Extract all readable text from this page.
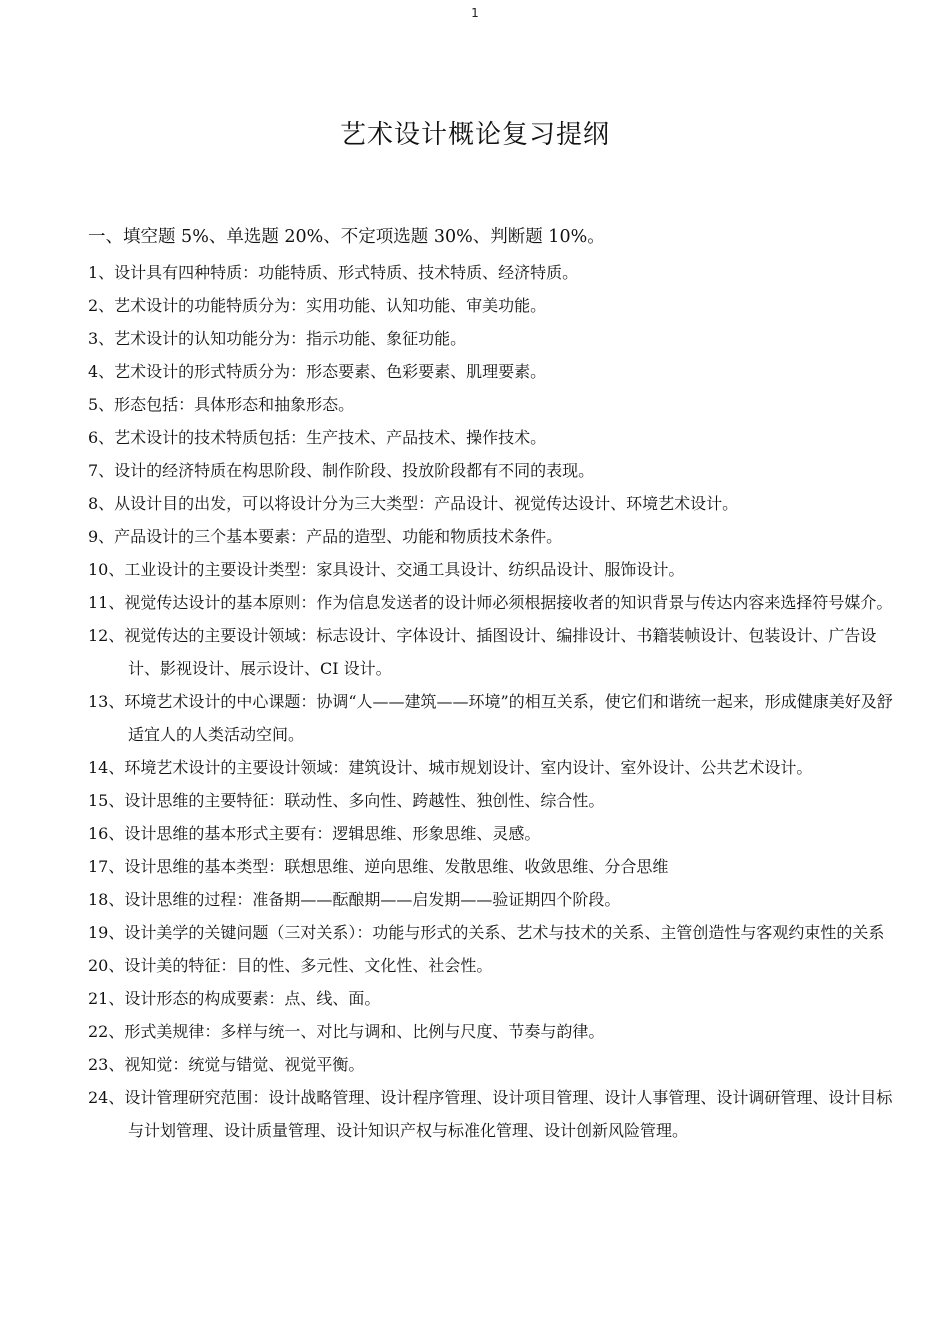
1
艺术设计概论复习提纲
一、填空题 5%、单选题 20%、不定项选题 30%、判断题 10%。
1、设计具有四种特质：功能特质、形式特质、技术特质、经济特质。
2、艺术设计的功能特质分为：实用功能、认知功能、审美功能。
3、艺术设计的认知功能分为：指示功能、象征功能。
4、艺术设计的形式特质分为：形态要素、色彩要素、肌理要素。
5、形态包括：具体形态和抽象形态。
6、艺术设计的技术特质包括：生产技术、产品技术、操作技术。
7、设计的经济特质在构思阶段、制作阶段、投放阶段都有不同的表现。
8、从设计目的出发，可以将设计分为三大类型：产品设计、视觉传达设计、环境艺术设计。
9、产品设计的三个基本要素：产品的造型、功能和物质技术条件。
10、工业设计的主要设计类型：家具设计、交通工具设计、纺织品设计、服饰设计。
11、视觉传达设计的基本原则：作为信息发送者的设计师必须根据接收者的知识背景与传达内容来选择符号媒介。
12、视觉传达的主要设计领域：标志设计、字体设计、插图设计、编排设计、书籍装帧设计、包装设计、广告设计、影视设计、展示设计、CI 设计。
13、环境艺术设计的中心课题：协调“人——建筑——环境”的相互关系，使它们和谐统一起来，形成健康美好及舒适宜人的人类活动空间。
14、环境艺术设计的主要设计领域：建筑设计、城市规划设计、室内设计、室外设计、公共艺术设计。
15、设计思维的主要特征：联动性、多向性、跨越性、独创性、综合性。
16、设计思维的基本形式主要有：逻辑思维、形象思维、灵感。
17、设计思维的基本类型：联想思维、逆向思维、发散思维、收敛思维、分合思维
18、设计思维的过程：准备期——酝酿期——启发期——验证期四个阶段。
19、设计美学的关键问题（三对关系）：功能与形式的关系、艺术与技术的关系、主管创造性与客观约束性的关系
20、设计美的特征：目的性、多元性、文化性、社会性。
21、设计形态的构成要素：点、线、面。
22、形式美规律：多样与统一、对比与调和、比例与尺度、节奏与韵律。
23、视知觉：统觉与错觉、视觉平衡。
24、设计管理研究范围：设计战略管理、设计程序管理、设计项目管理、设计人事管理、设计调研管理、设计目标与计划管理、设计质量管理、设计知识产权与标准化管理、设计创新风险管理。
